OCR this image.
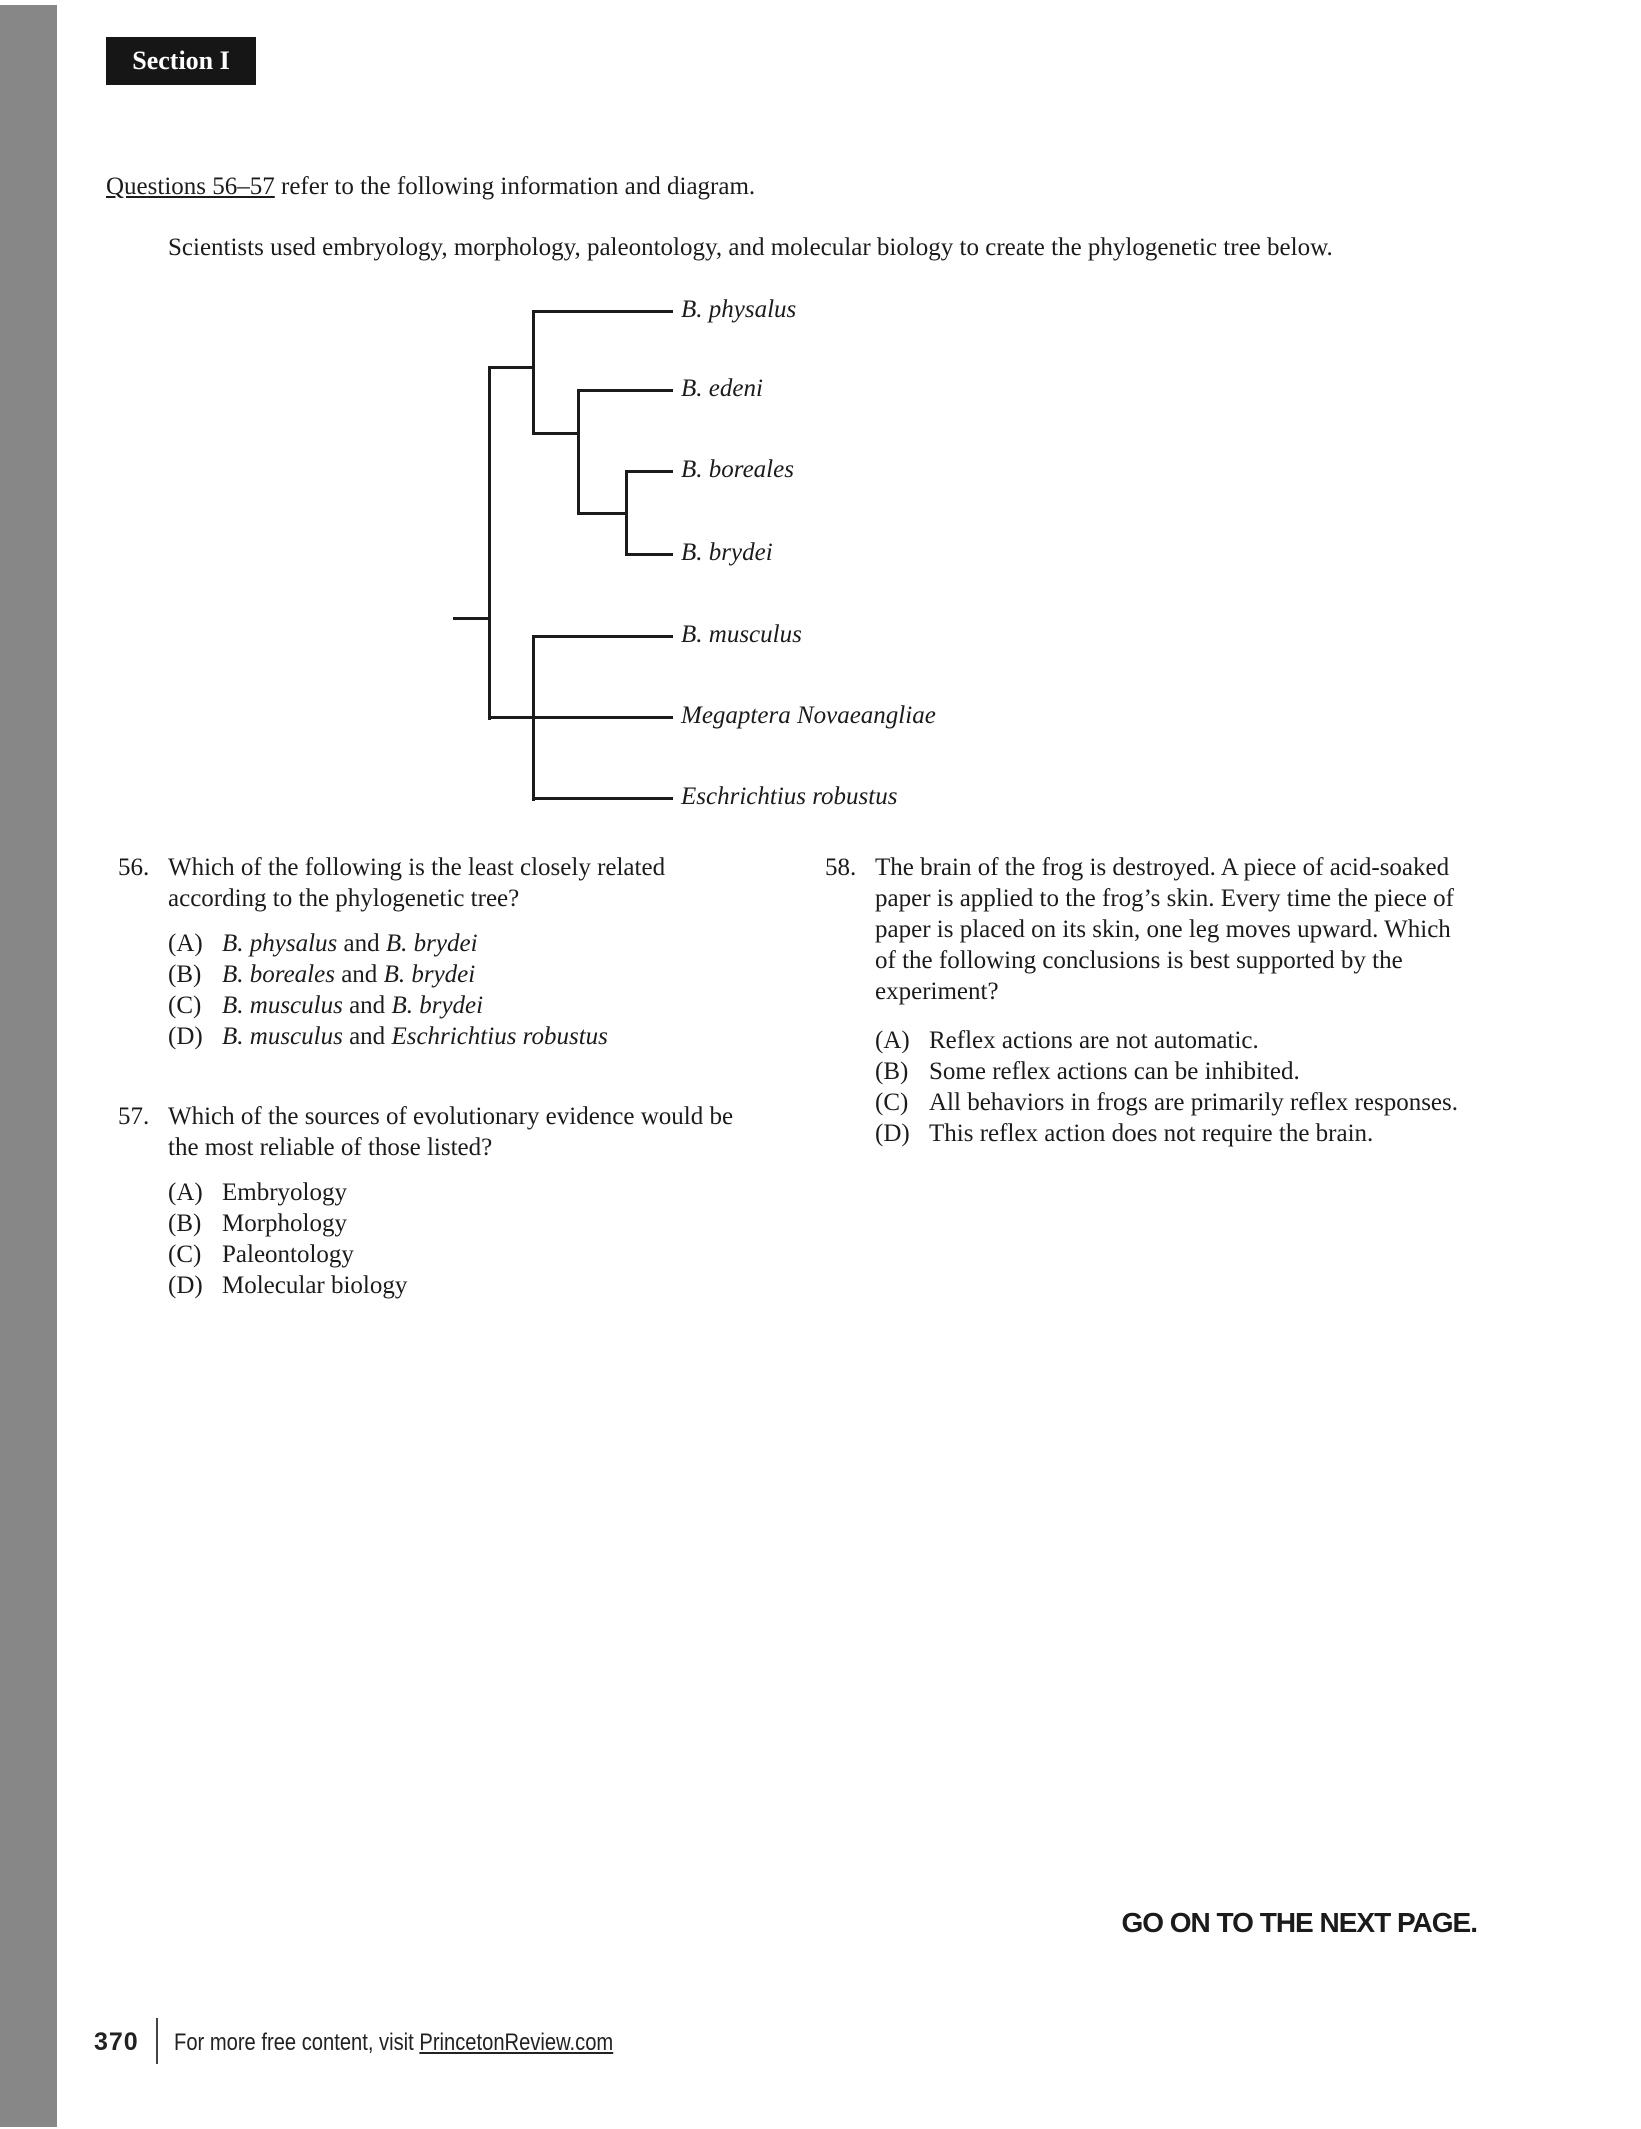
Section I
Questions 56–57 refer to the following information and diagram.
Scientists used embryology, morphology, paleontology, and molecular biology to create the phylogenetic tree below.
B. physalus
B. edeni
B. boreales
B. brydei
B. musculus
Megaptera Novaeangliae
Eschrichtius robustus
56. Which of the following is the least closely related
according to the phylogenetic tree?
(A) B. physalus and B. brydei
(B) B. boreales and B. brydei
(C) B. musculus and B. brydei
(D) B. musculus and Eschrichtius robustus
57. Which of the sources of evolutionary evidence would be
the most reliable of those listed?
(A) Embryology
(B) Morphology
(C) Paleontology
(D) Molecular biology
58. The brain of the frog is destroyed. A piece of acid-soaked
paper is applied to the frog’s skin. Every time the piece of
paper is placed on its skin, one leg moves upward. Which
of the following conclusions is best supported by the
experiment?
(A) Reflex actions are not automatic.
(B) Some reflex actions can be inhibited.
(C) All behaviors in frogs are primarily reflex responses.
(D) This reflex action does not require the brain.
GO ON TO THE NEXT PAGE.
370 For more free content, visit PrincetonReview.com
